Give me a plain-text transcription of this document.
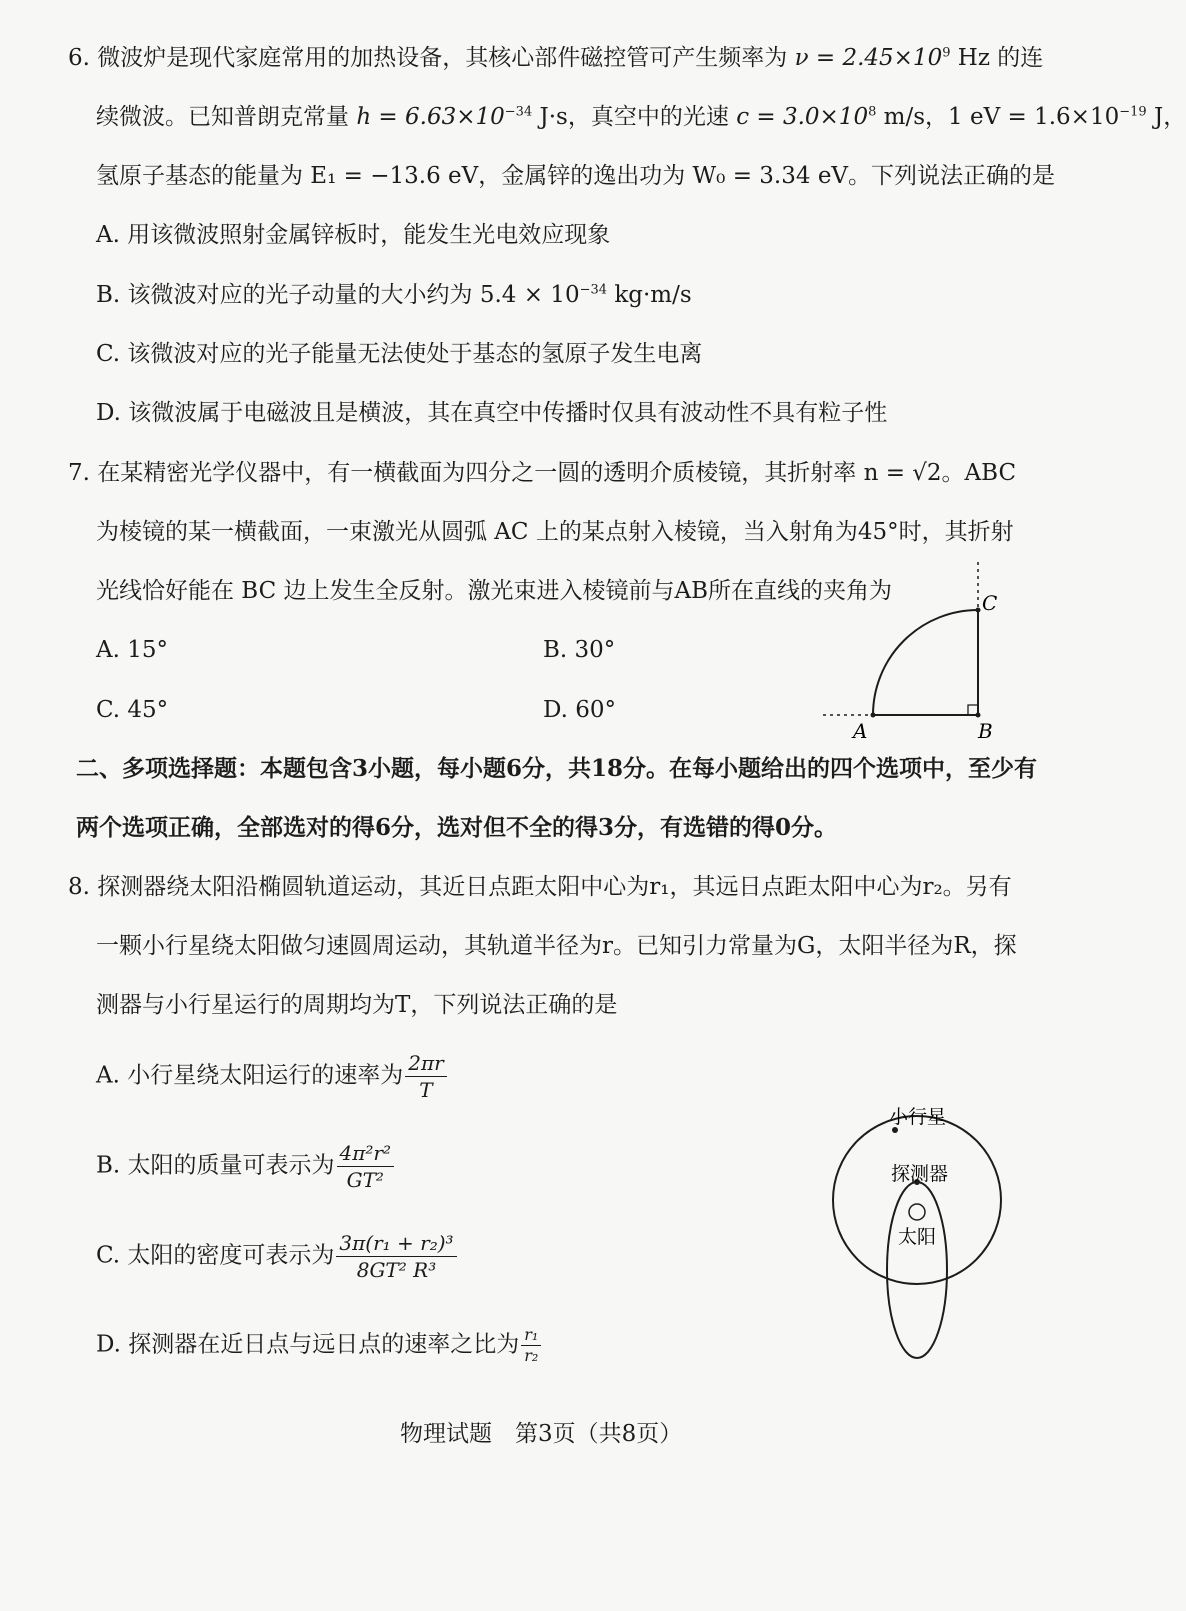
6. 微波炉是现代家庭常用的加热设备，其核心部件磁控管可产生频率为 $\nu = 2.45\times 10^9$ Hz 的连
续微波。已知普朗克常量 $h = 6.63\times 10^{-34}$ J·s，真空中的光速 $c = 3.0\times 10^8$ m/s，1 eV = $1.6\times 10^{-19}$ J，
氢原子基态的能量为 E₁ = −13.6 eV，金属锌的逸出功为 W₀ = 3.34 eV。下列说法正确的是
A. 用该微波照射金属锌板时，能发生光电效应现象
B. 该微波对应的光子动量的大小约为 $5.4 \times 10^{-34}$ kg·m/s
C. 该微波对应的光子能量无法使处于基态的氢原子发生电离
D. 该微波属于电磁波且是横波，其在真空中传播时仅具有波动性不具有粒子性
7. 在某精密光学仪器中，有一横截面为四分之一圆的透明介质棱镜，其折射率 n = √2。ABC
为棱镜的某一横截面，一束激光从圆弧 AC 上的某点射入棱镜，当入射角为45°时，其折射
光线恰好能在 BC 边上发生全反射。激光束进入棱镜前与AB所在直线的夹角为
A. 15°	B. 30°
C. 45°	D. 60°
A	B
C
二、多项选择题：本题包含3小题，每小题6分，共18分。在每小题给出的四个选项中，至少有
两个选项正确，全部选对的得6分，选对但不全的得3分，有选错的得0分。
8. 探测器绕太阳沿椭圆轨道运动，其近日点距太阳中心为r₁，其远日点距太阳中心为r₂。另有
一颗小行星绕太阳做匀速圆周运动，其轨道半径为r。已知引力常量为G，太阳半径为R，探
测器与小行星运行的周期均为T，下列说法正确的是
A. 小行星绕太阳运行的速率为 $\frac{2\pi r}{T}$
B. 太阳的质量可表示为 $\frac{\text{4π²r²}}{\text{GT²}}$
C. 太阳的密度可表示为 $\frac{\text{3π(r₁ + r₂)³}}{\text{8GT² R³}}$
D. 探测器在近日点与远日点的速率之比为 $\frac{\text{r₁}}{\text{r₂}}$
小行星
探测器
太阳
物理试题　第3页（共8页）
